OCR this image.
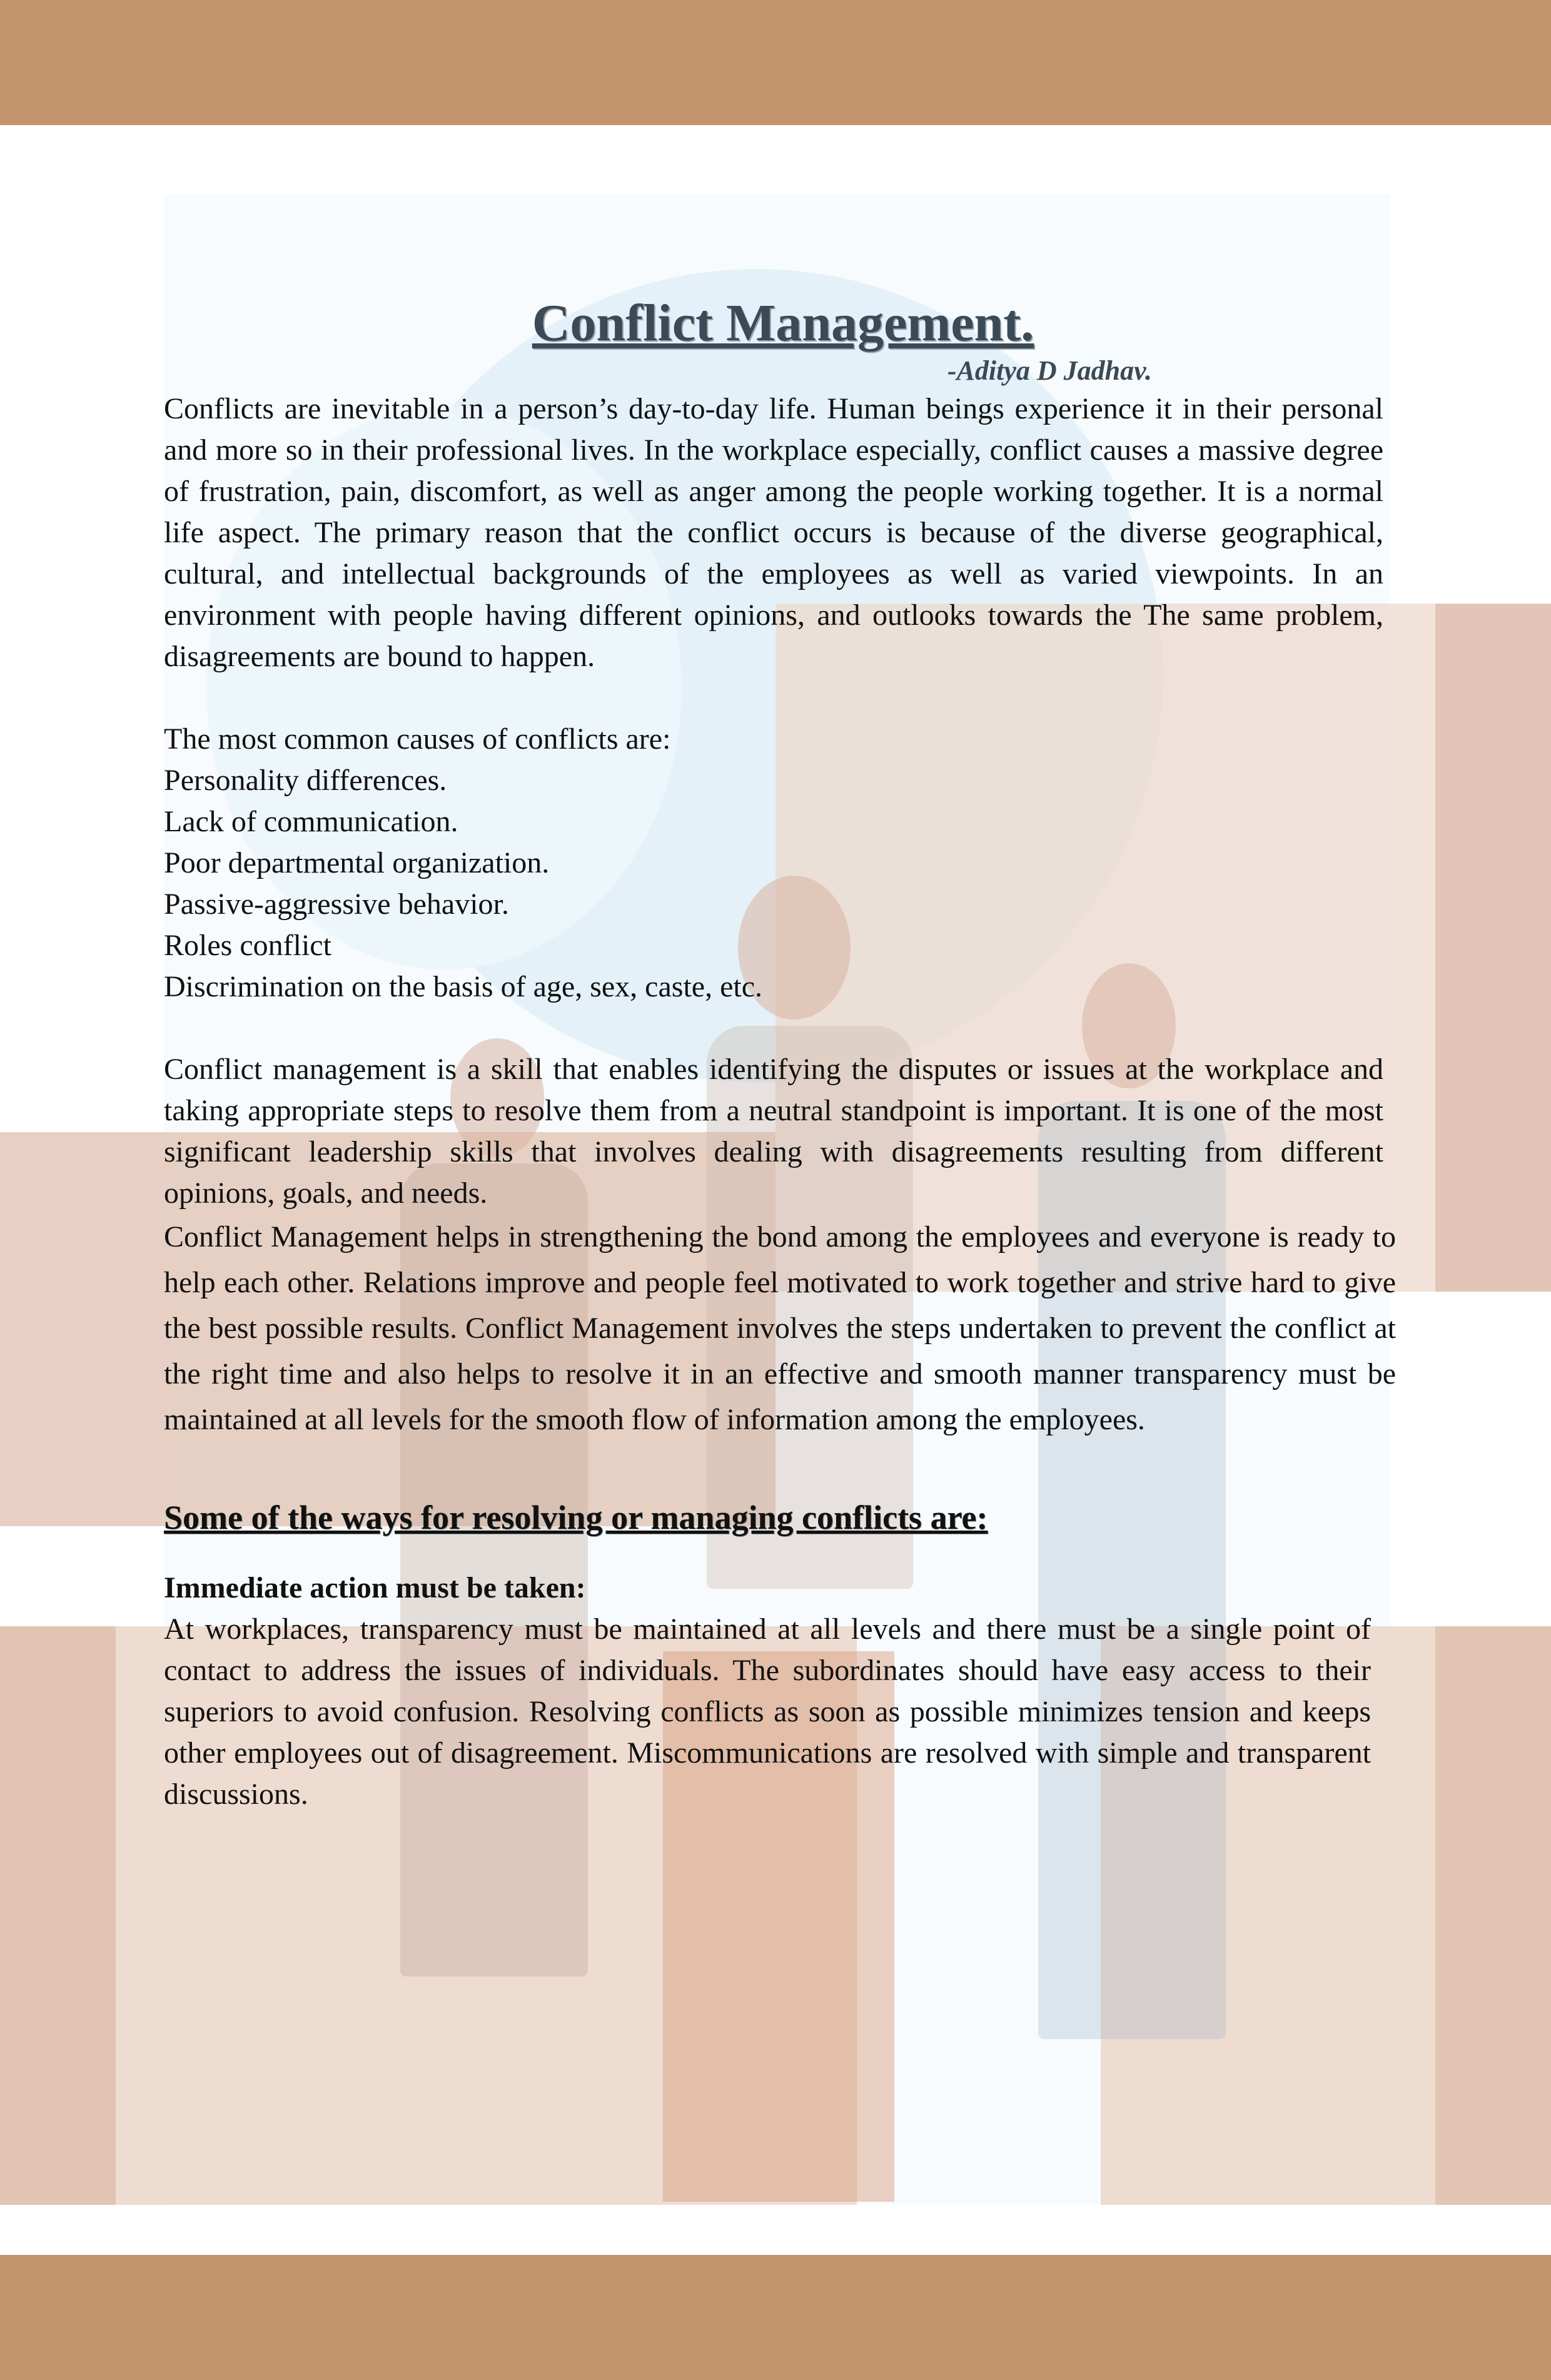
Conflict Management.

-Aditya D Jadhav.

Conflicts are inevitable in a person’s day-to-day life. Human beings experience it in their personal and more so in their professional lives. In the workplace especially, conflict causes a massive degree of frustration, pain, discomfort, as well as anger among the people working together. It is a normal life aspect. The primary reason that the conflict occurs is because of the diverse geographical, cultural, and intellectual backgrounds of the employees as well as varied viewpoints. In an environment with people having different opinions, and outlooks towards the The same problem, disagreements are bound to happen.

The most common causes of conflicts are:

Personality differences.

Lack of communication.

Poor departmental organization.

Passive-aggressive behavior.

Roles conflict

Discrimination on the basis of age, sex, caste, etc.

Conflict management is a skill that enables identifying the disputes or issues at the workplace and taking appropriate steps to resolve them from a neutral standpoint is important. It is one of the most significant leadership skills that involves dealing with disagreements resulting from different opinions, goals, and needs.

Conflict Management helps in strengthening the bond among the employees and everyone is ready to help each other. Relations improve and people feel motivated to work together and strive hard to give the best possible results. Conflict Management involves the steps undertaken to prevent the conflict at the right time and also helps to resolve it in an effective and smooth manner transparency must be maintained at all levels for the smooth flow of information among the employees.

Some of the ways for resolving or managing conflicts are:

Immediate action must be taken:

At workplaces, transparency must be maintained at all levels and there must be a single point of contact to address the issues of individuals. The subordinates should have easy access to their superiors to avoid confusion. Resolving conflicts as soon as possible minimizes tension and keeps other employees out of disagreement. Miscommunications are resolved with simple and transparent discussions.
